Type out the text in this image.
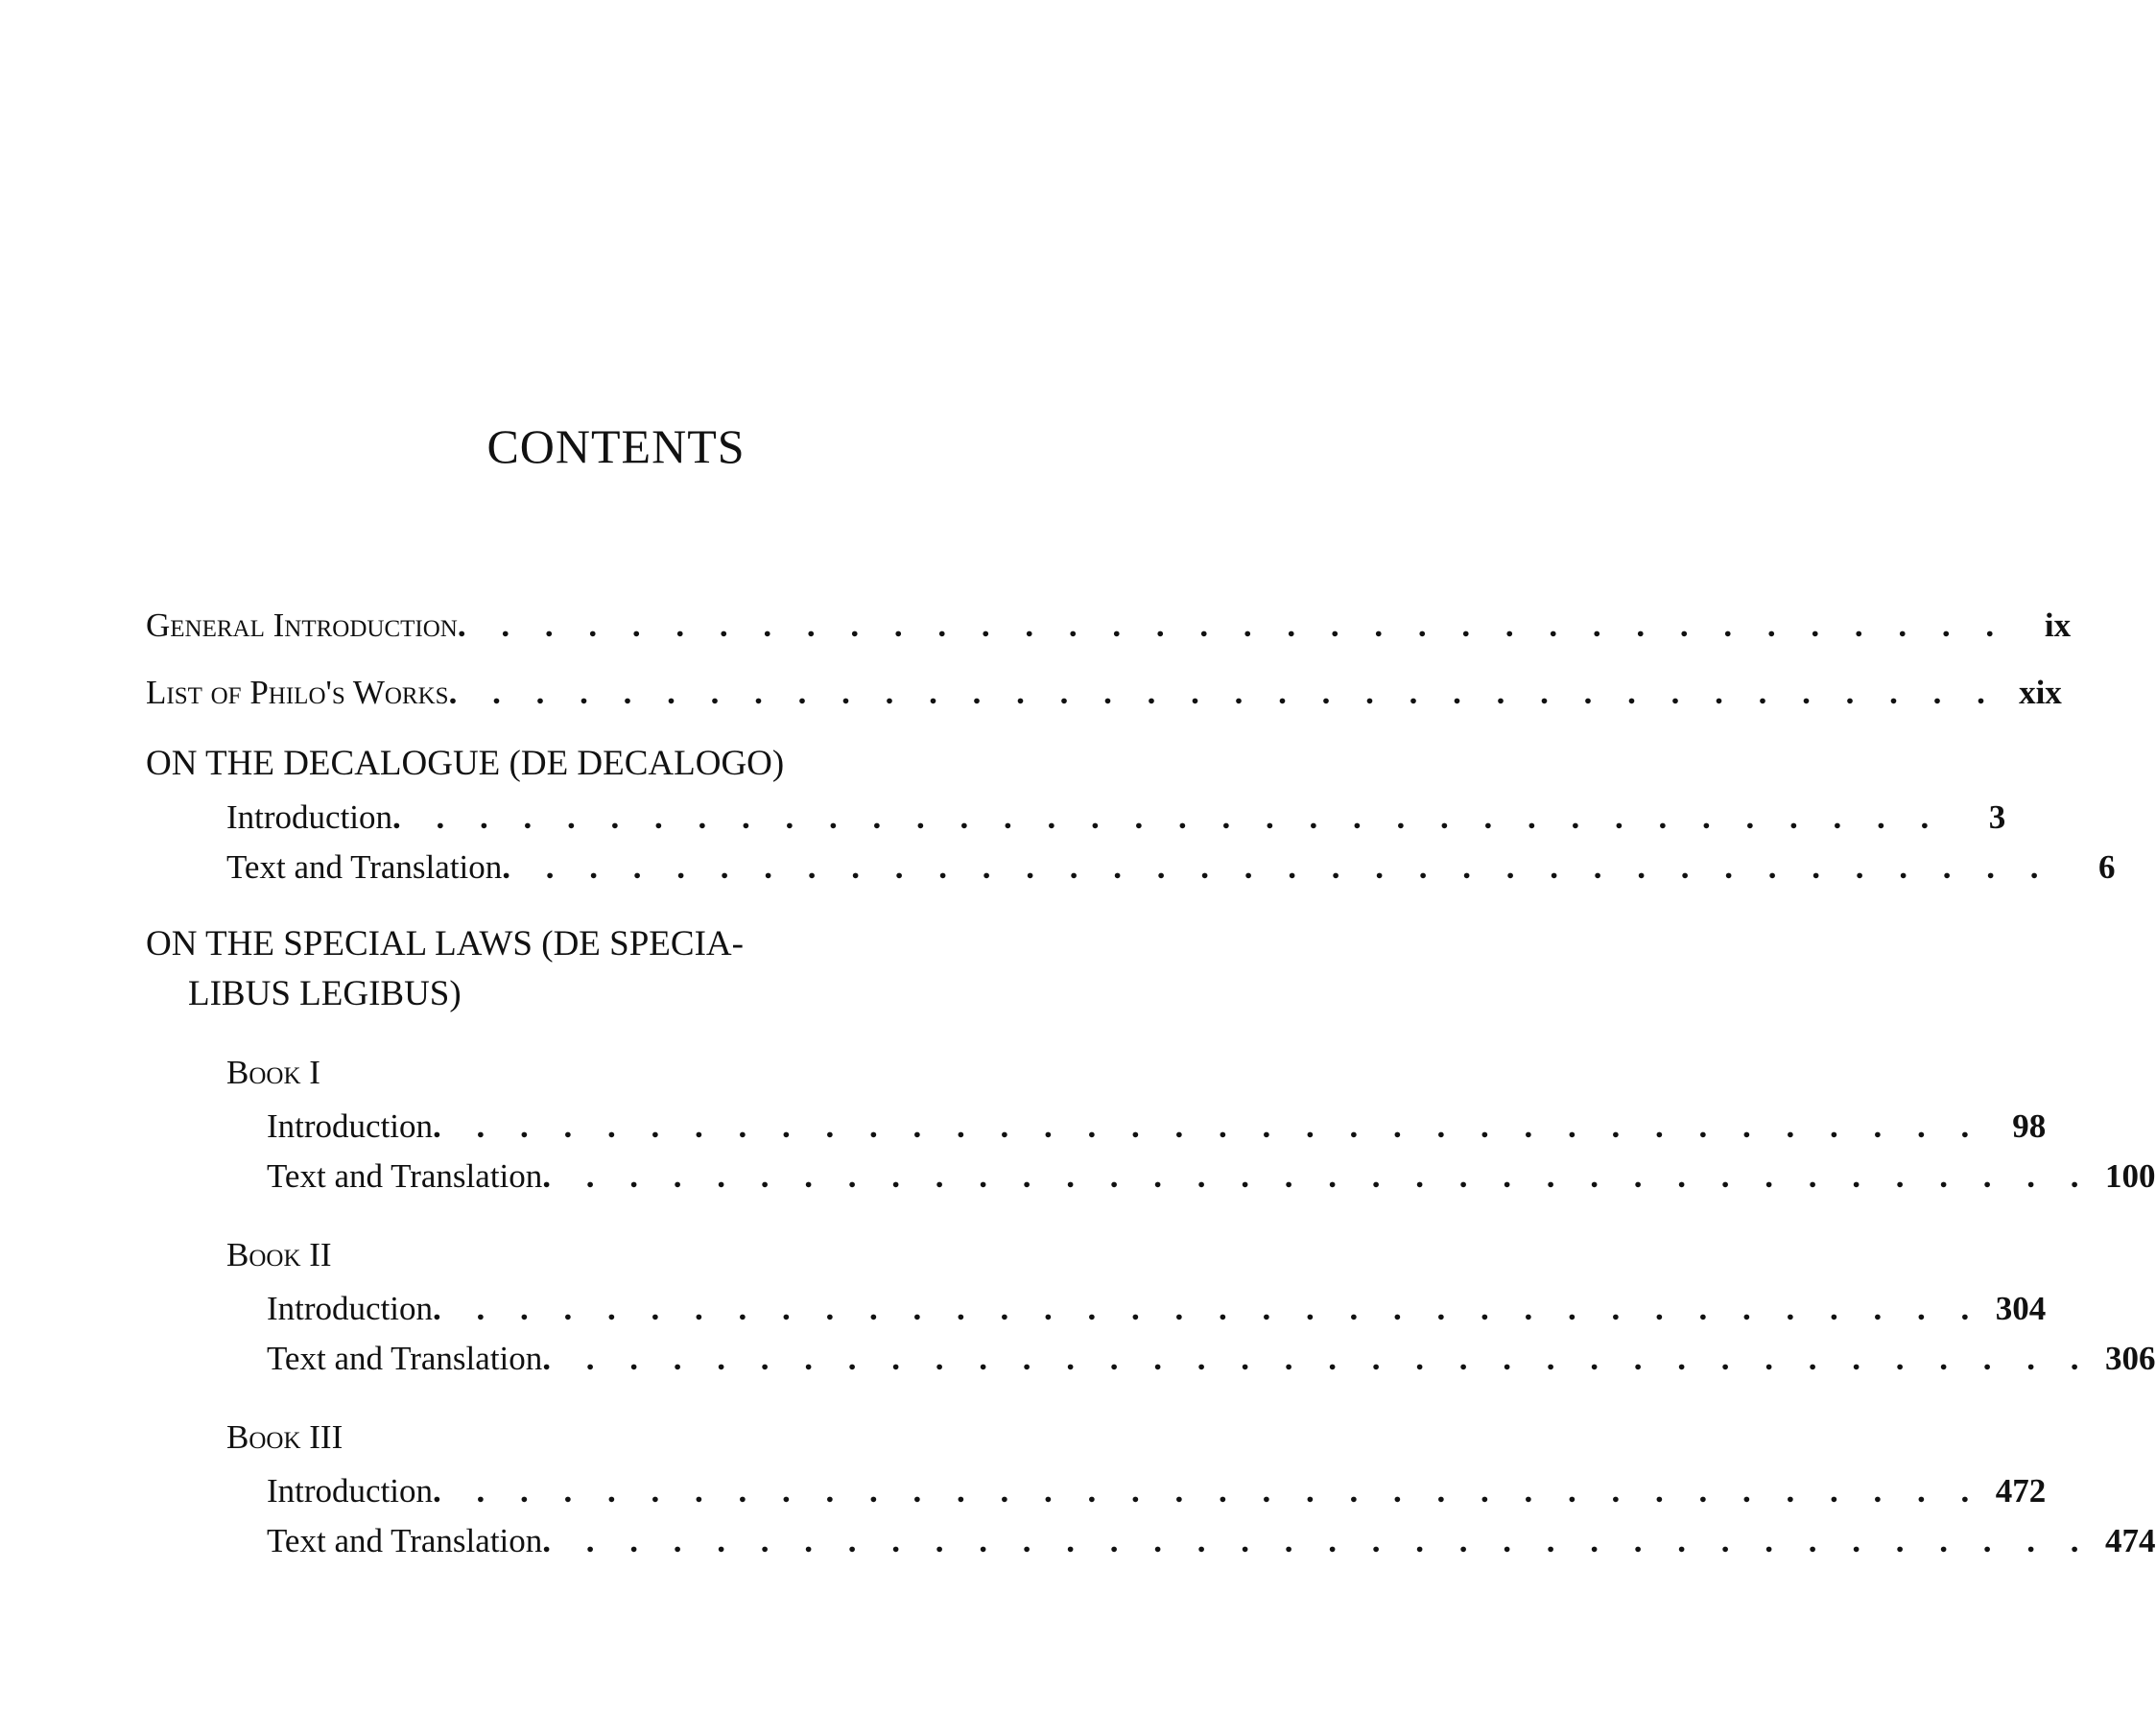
CONTENTS
General Introduction . . . . . . . . . . . . . . . . . . . . . . . . . . . . . . . . . . . .	ix
List of Philo's Works . . . . . . . . . . . . . . . . . . . . . . . . . . . . . . . . . . . . xix
ON THE DECALOGUE (DE DECALOGO)
Introduction . . . . . . . . . . . . . . . . . . . . . . . . . . . . . . . . . . . .	3
Text and Translation . . . . . . . . . . . . . . . . . . . . . . . . . . . . . . . . . . . .	6
ON THE SPECIAL LAWS (DE SPECIA-
LIBUS LEGIBUS)
Book I
Introduction . . . . . . . . . . . . . . . . . . . . . . . . . . . . . . . . . . . . 98
Text and Translation . . . . . . . . . . . . . . . . . . . . . . . . . . . . . . . . . . . . 100
Book II
Introduction . . . . . . . . . . . . . . . . . . . . . . . . . . . . . . . . . . . . 304
Text and Translation . . . . . . . . . . . . . . . . . . . . . . . . . . . . . . . . . . . . 306
Book III
Introduction . . . . . . . . . . . . . . . . . . . . . . . . . . . . . . . . . . . . 472
Text and Translation . . . . . . . . . . . . . . . . . . . . . . . . . . . . . . . . . . . . 474
